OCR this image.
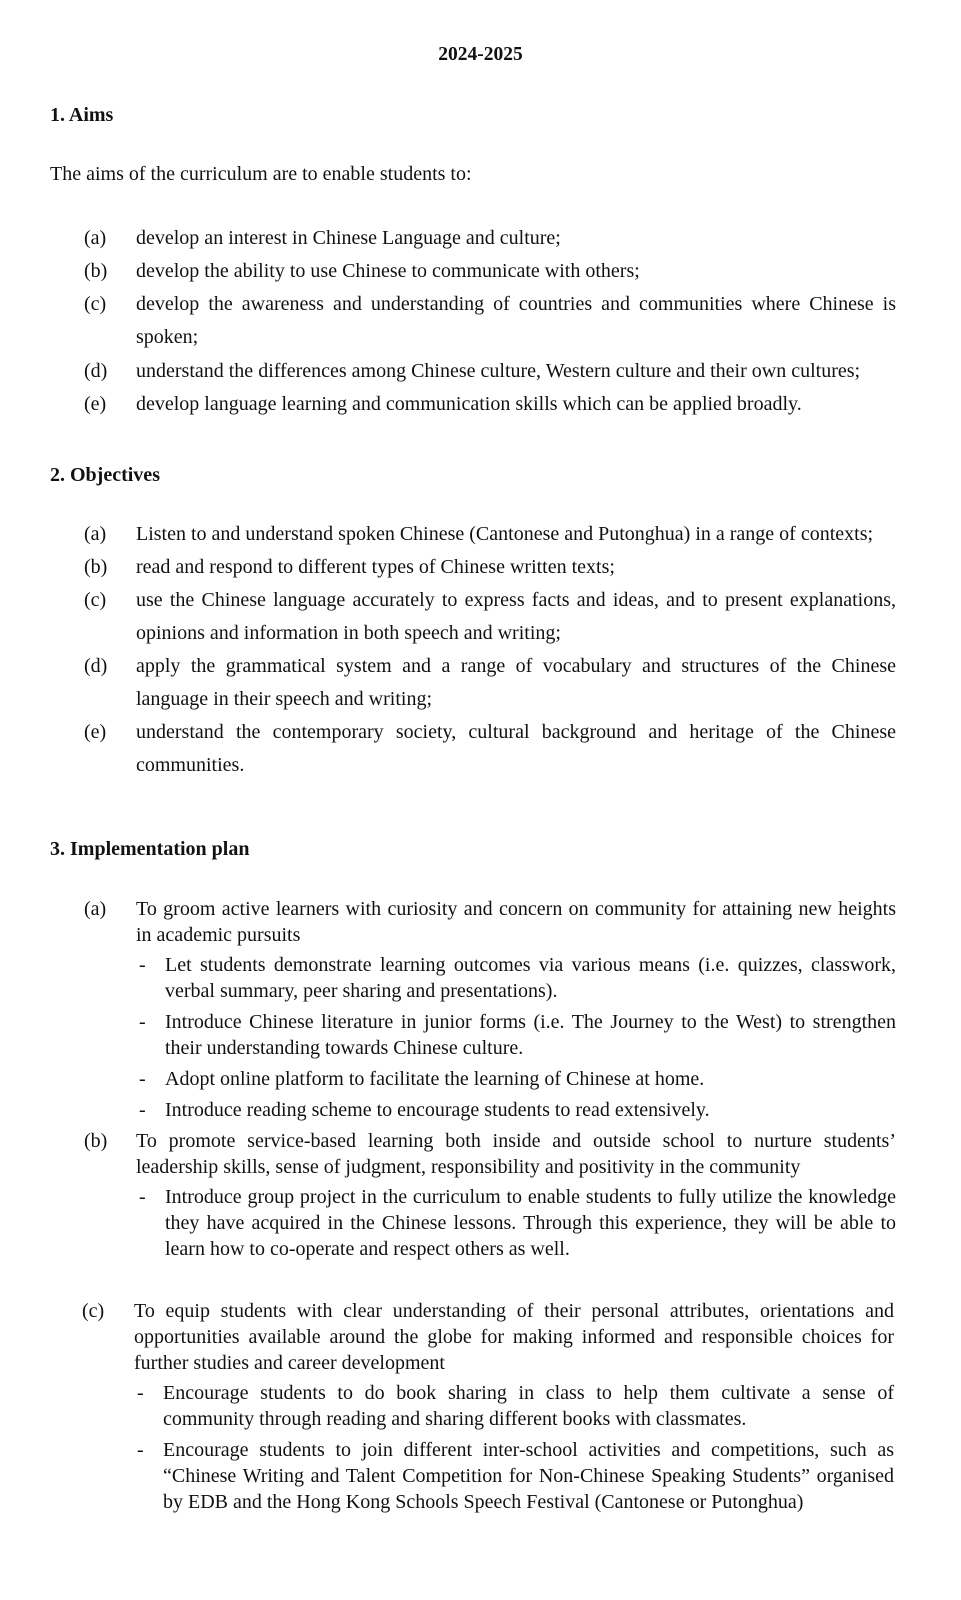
2024-2025
1. Aims
The aims of the curriculum are to enable students to:
(a)	develop an interest in Chinese Language and culture;
(b)	develop the ability to use Chinese to communicate with others;
(c)	develop the awareness and understanding of countries and communities where Chinese is spoken;
(d)	understand the differences among Chinese culture, Western culture and their own cultures;
(e)	develop language learning and communication skills which can be applied broadly.
2. Objectives
(a)	Listen to and understand spoken Chinese (Cantonese and Putonghua) in a range of contexts;
(b)	read and respond to different types of Chinese written texts;
(c)	use the Chinese language accurately to express facts and ideas, and to present explanations, opinions and information in both speech and writing;
(d)	apply the grammatical system and a range of vocabulary and structures of the Chinese language in their speech and writing;
(e)	understand the contemporary society, cultural background and heritage of the Chinese communities.
3. Implementation plan
(a)	To groom active learners with curiosity and concern on community for attaining new heights in academic pursuits
- Let students demonstrate learning outcomes via various means (i.e. quizzes, classwork, verbal summary, peer sharing and presentations).
- Introduce Chinese literature in junior forms (i.e. The Journey to the West) to strengthen their understanding towards Chinese culture.
- Adopt online platform to facilitate the learning of Chinese at home.
- Introduce reading scheme to encourage students to read extensively.
(b)	To promote service-based learning both inside and outside school to nurture students’ leadership skills, sense of judgment, responsibility and positivity in the community
- Introduce group project in the curriculum to enable students to fully utilize the knowledge they have acquired in the Chinese lessons. Through this experience, they will be able to learn how to co-operate and respect others as well.
(c)	To equip students with clear understanding of their personal attributes, orientations and opportunities available around the globe for making informed and responsible choices for further studies and career development
- Encourage students to do book sharing in class to help them cultivate a sense of community through reading and sharing different books with classmates.
- Encourage students to join different inter-school activities and competitions, such as “Chinese Writing and Talent Competition for Non-Chinese Speaking Students” organised by EDB and the Hong Kong Schools Speech Festival (Cantonese or Putonghua)
